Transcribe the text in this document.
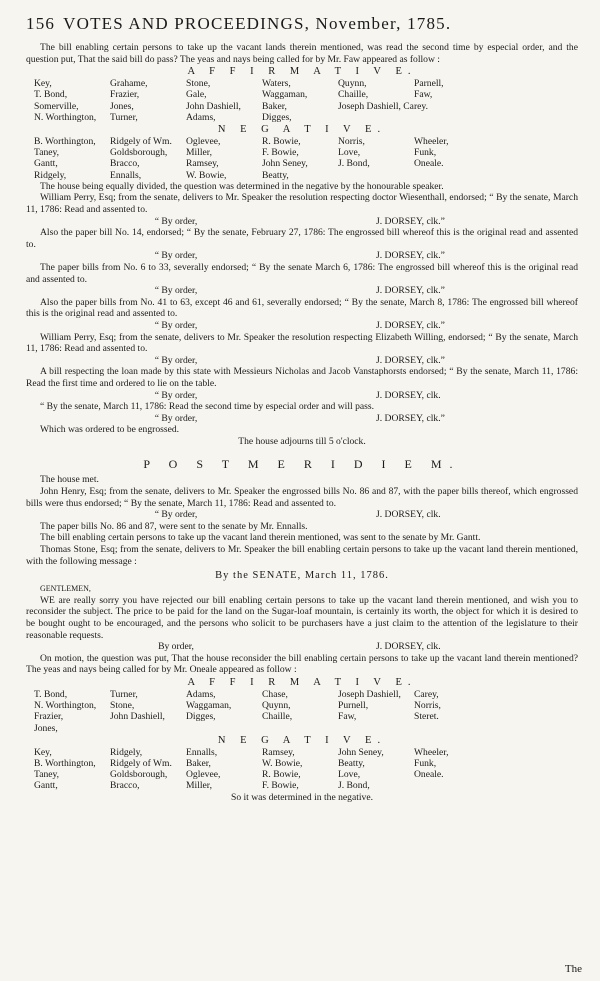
156 VOTES AND PROCEEDINGS, November, 1785.

The bill enabling certain persons to take up the vacant lands therein mentioned, was read the second time by especial order, and the question put, That the said bill do pass? The yeas and nays being called for by Mr. Faw appeared as follow :

A F F I R M A T I V E.
Key,	Grahame,	Stone,	Waters,	Quynn,	Parnell,
T. Bond,	Frazier,	Gale,	Waggaman,	Chaille,	Faw,
Somerville,	Jones,	John Dashiell,	Baker,	Joseph Dashiell, Carey.
N. Worthington,	Turner,	Adams,	Digges,
N E G A T I V E.
B. Worthington,	Ridgely of Wm.	Oglevee,	R. Bowie,	Norris,	Wheeler,
Taney,	Goldsborough,	Miller,	F. Bowie,	Love,	Funk,
Gantt,	Bracco,	Ramsey,	John Seney,	J. Bond,	Oneale.
Ridgely,	Ennalls,	W. Bowie,	Beatty,

The house being equally divided, the question was determined in the negative by the honourable speaker.

William Perry, Esq; from the senate, delivers to Mr. Speaker the resolution respecting doctor Wiesenthall, endorsed; “ By the senate, March 11, 1786: Read and assented to.

“ By order,	J. DORSEY, clk.”

Also the paper bill No. 14, endorsed; “ By the senate, February 27, 1786: The engrossed bill whereof this is the original read and assented to.

“ By order,	J. DORSEY, clk.”

The paper bills from No. 6 to 33, severally endorsed; “ By the senate March 6, 1786: The engrossed bill whereof this is the original read and assented to.

“ By order,	J. DORSEY, clk.”

Also the paper bills from No. 41 to 63, except 46 and 61, severally endorsed; “ By the senate, March 8, 1786: The engrossed bill whereof this is the original read and assented to.

“ By order,	J. DORSEY, clk.”

William Perry, Esq; from the senate, delivers to Mr. Speaker the resolution respecting Elizabeth Willing, endorsed; “ By the senate, March 11, 1786: Read and assented to.

“ By order,	J. DORSEY, clk.”

A bill respecting the loan made by this state with Messieurs Nicholas and Jacob Vanstaphorsts endorsed; “ By the senate, March 11, 1786: Read the first time and ordered to lie on the table.

“ By order,	J. DORSEY, clk.

“ By the senate, March 11, 1786: Read the second time by especial order and will pass.

“ By order,	J. DORSEY, clk.”

Which was ordered to be engrossed.

The house adjourns till 5 o'clock.

P O S T M E R I D I E M.

The house met.

John Henry, Esq; from the senate, delivers to Mr. Speaker the engrossed bills No. 86 and 87, with the paper bills thereof, which engrossed bills were thus endorsed; “ By the senate, March 11, 1786: Read and assented to.

“ By order,	J. DORSEY, clk.

The paper bills No. 86 and 87, were sent to the senate by Mr. Ennalls.

The bill enabling certain persons to take up the vacant land therein mentioned, was sent to the senate by Mr. Gantt.

Thomas Stone, Esq; from the senate, delivers to Mr. Speaker the bill enabling certain persons to take up the vacant land therein mentioned, with the following message :

By the SENATE, March 11, 1786.

GENTLEMEN,

WE are really sorry you have rejected our bill enabling certain persons to take up the vacant land therein mentioned, and wish you to reconsider the subject. The price to be paid for the land on the Sugar-loaf mountain, is certainly its worth, the object for which it is desired to be bought ought to be encouraged, and the persons who solicit to be purchasers have a just claim to the attention of the legislature to their reasonable requests.

By order,	J. DORSEY, clk.

On motion, the question was put, That the house reconsider the bill enabling certain persons to take up the vacant land therein mentioned? The yeas and nays being called for by Mr. Oneale appeared as follow :

A F F I R M A T I V E.
T. Bond,	Turner,	Adams,	Chase,	Joseph Dashiell,	Carey,
N. Worthington,	Stone,	Waggaman,	Quynn,	Purnell,	Norris,
Frazier,	John Dashiell,	Digges,	Chaille,	Faw,	Steret.
Jones,
N E G A T I V E.
Key,	Ridgely,	Ennalls,	Ramsey,	John Seney,	Wheeler,
B. Worthington,	Ridgely of Wm.	Baker,	W. Bowie,	Beatty,	Funk,
Taney,	Goldsborough,	Oglevee,	R. Bowie,	Love,	Oneale.
Gantt,	Bracco,	Miller,	F. Bowie,	J. Bond,

So it was determined in the negative.

The
